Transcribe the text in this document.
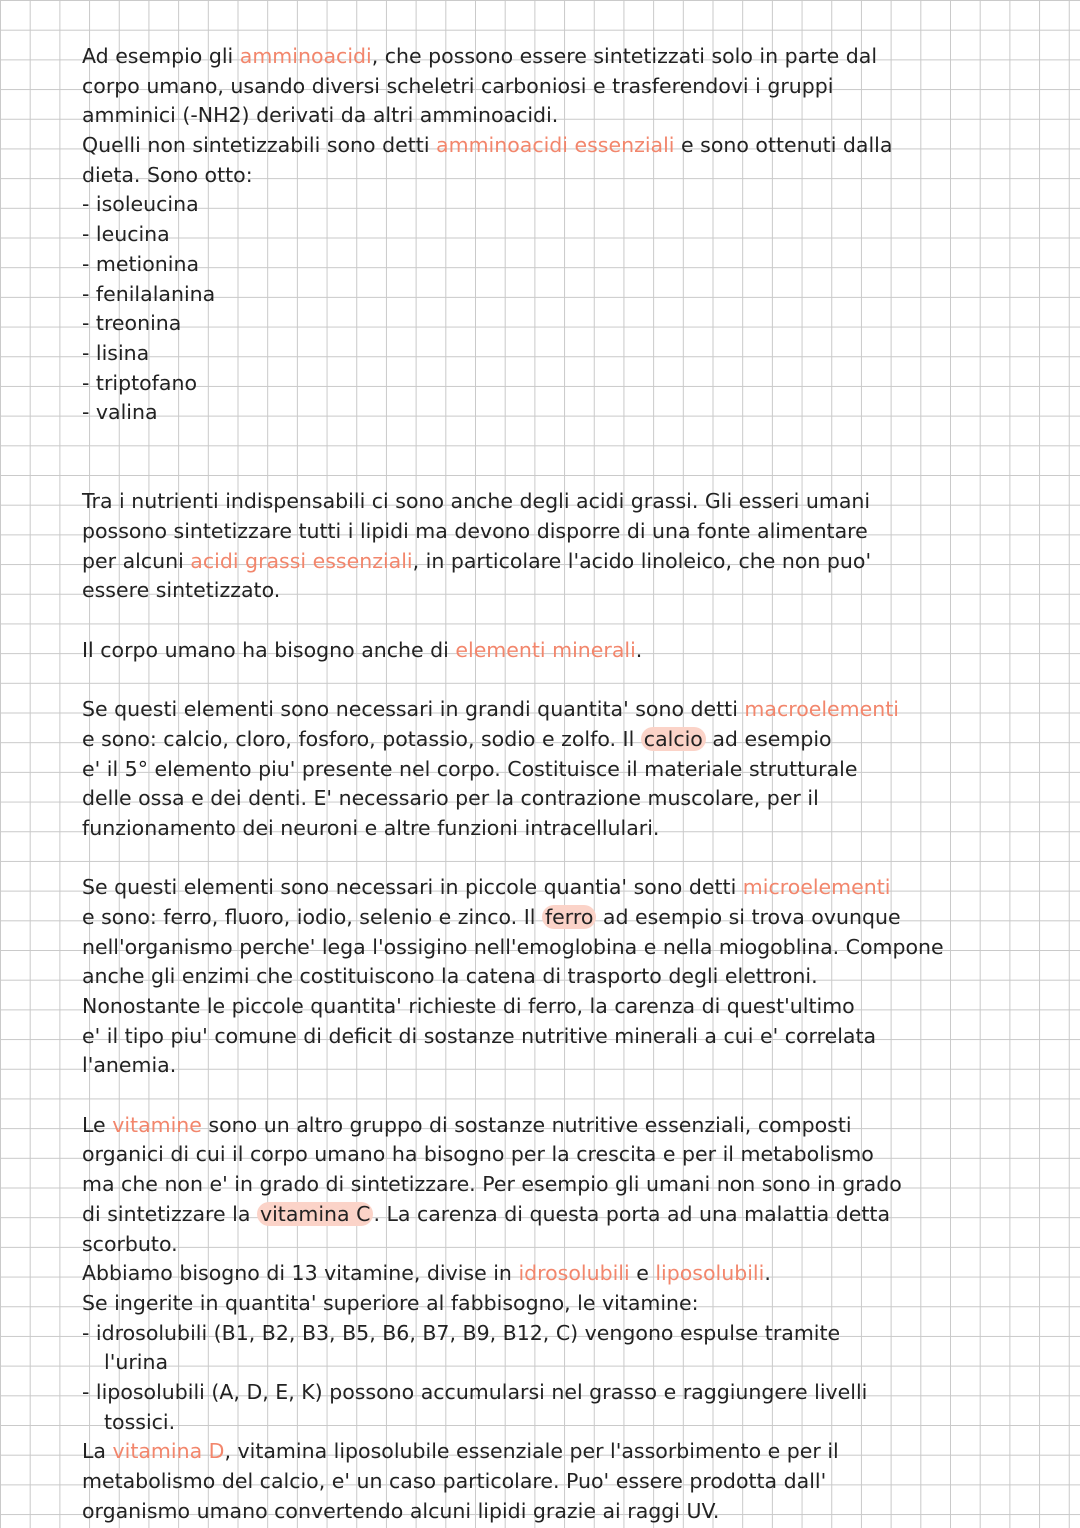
Ad esempio gli amminoacidi, che possono essere sintetizzati solo in parte dal
corpo umano, usando diversi scheletri carboniosi e trasferendovi i gruppi
amminici (-NH2) derivati da altri amminoacidi.
Quelli non sintetizzabili sono detti amminoacidi essenziali e sono ottenuti dalla
dieta. Sono otto:
- isoleucina
- leucina
- metionina
- fenilalanina
- treonina
- lisina
- triptofano
- valina
Tra i nutrienti indispensabili ci sono anche degli acidi grassi. Gli esseri umani
possono sintetizzare tutti i lipidi ma devono disporre di una fonte alimentare
per alcuni acidi grassi essenziali, in particolare l'acido linoleico, che non puo'
essere sintetizzato.
Il corpo umano ha bisogno anche di elementi minerali.
Se questi elementi sono necessari in grandi quantita' sono detti macroelementi
e sono: calcio, cloro, fosforo, potassio, sodio e zolfo. Il calcio ad esempio
e' il 5° elemento piu' presente nel corpo. Costituisce il materiale strutturale
delle ossa e dei denti. E' necessario per la contrazione muscolare, per il
funzionamento dei neuroni e altre funzioni intracellulari.
Se questi elementi sono necessari in piccole quantia' sono detti microelementi
e sono: ferro, fluoro, iodio, selenio e zinco. Il ferro ad esempio si trova ovunque
nell'organismo perche' lega l'ossigino nell'emoglobina e nella miogoblina. Compone
anche gli enzimi che costituiscono la catena di trasporto degli elettroni.
Nonostante le piccole quantita' richieste di ferro, la carenza di quest'ultimo
e' il tipo piu' comune di deficit di sostanze nutritive minerali a cui e' correlata
l'anemia.
Le vitamine sono un altro gruppo di sostanze nutritive essenziali, composti
organici di cui il corpo umano ha bisogno per la crescita e per il metabolismo
ma che non e' in grado di sintetizzare. Per esempio gli umani non sono in grado
di sintetizzare la vitamina C . La carenza di questa porta ad una malattia detta
scorbuto.
Abbiamo bisogno di 13 vitamine, divise in idrosolubili e liposolubili.
Se ingerite in quantita' superiore al fabbisogno, le vitamine:
- idrosolubili (B1, B2, B3, B5, B6, B7, B9, B12, C) vengono espulse tramite
l'urina
- liposolubili (A, D, E, K) possono accumularsi nel grasso e raggiungere livelli
tossici.
La vitamina D, vitamina liposolubile essenziale per l'assorbimento e per il
metabolismo del calcio, e' un caso particolare. Puo' essere prodotta dall'
organismo umano convertendo alcuni lipidi grazie ai raggi UV.
